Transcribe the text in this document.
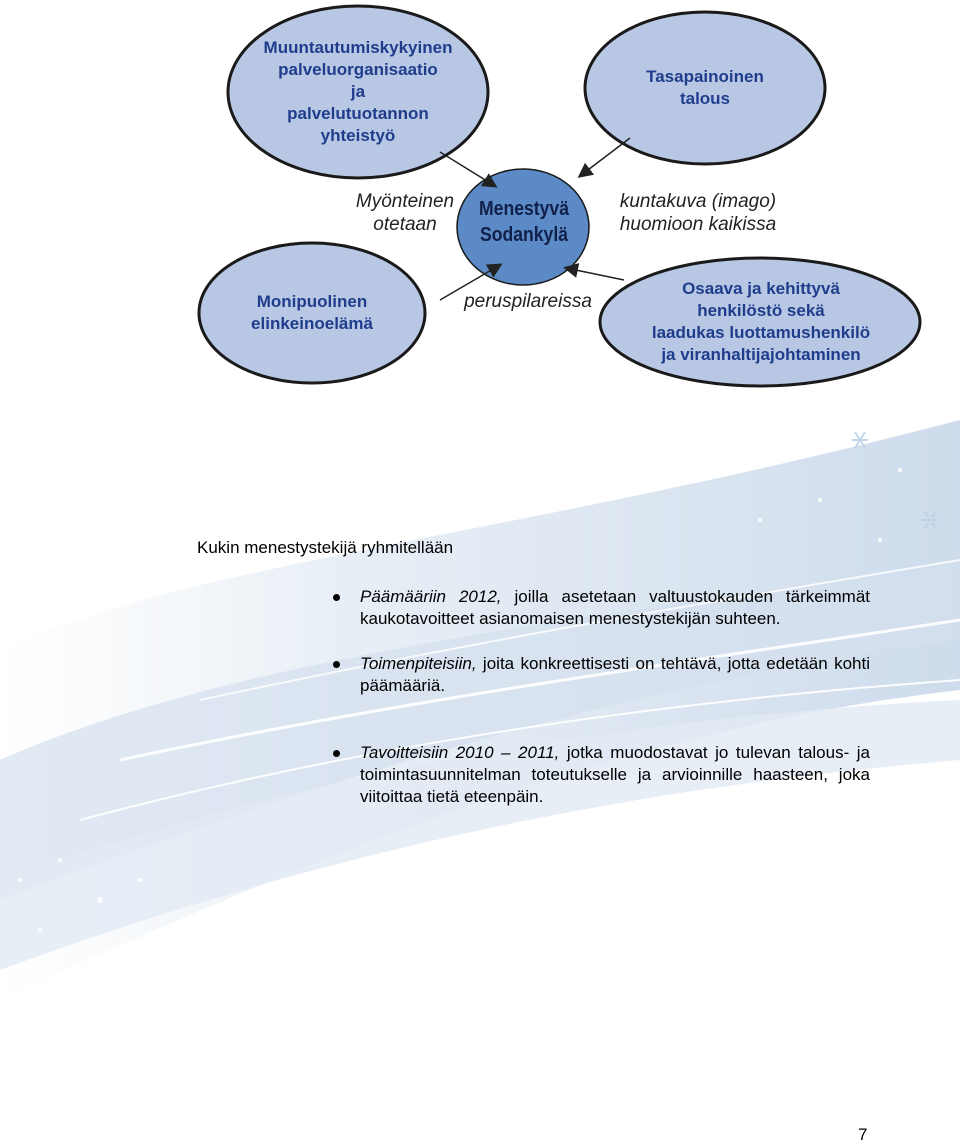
Muuntautumiskykyinen
palveluorganisaatio
ja
palvelutuotannon
yhteistyö
Tasapainoinen
talous
Monipuolinen
elinkeinoelämä
Osaava ja kehittyvä
henkilöstö sekä
laadukas luottamushenkilö
ja viranhaltijajohtaminen
Menestyvä
Sodankylä
Myönteinen
otetaan
kuntakuva (imago)
huomioon kaikissa
peruspilareissa
Kukin menestystekijä ryhmitellään
Päämääriin 2012, joilla asetetaan valtuustokauden tärkeimmät kaukotavoitteet asianomaisen menestystekijän suhteen.
Toimenpiteisiin, joita konkreettisesti on tehtävä, jotta edetään kohti päämääriä.
Tavoitteisiin 2010 – 2011, jotka muodostavat jo tulevan talous- ja toimintasuunnitelman toteutukselle ja arvioinnille haasteen, joka viitoittaa tietä eteenpäin.
7
